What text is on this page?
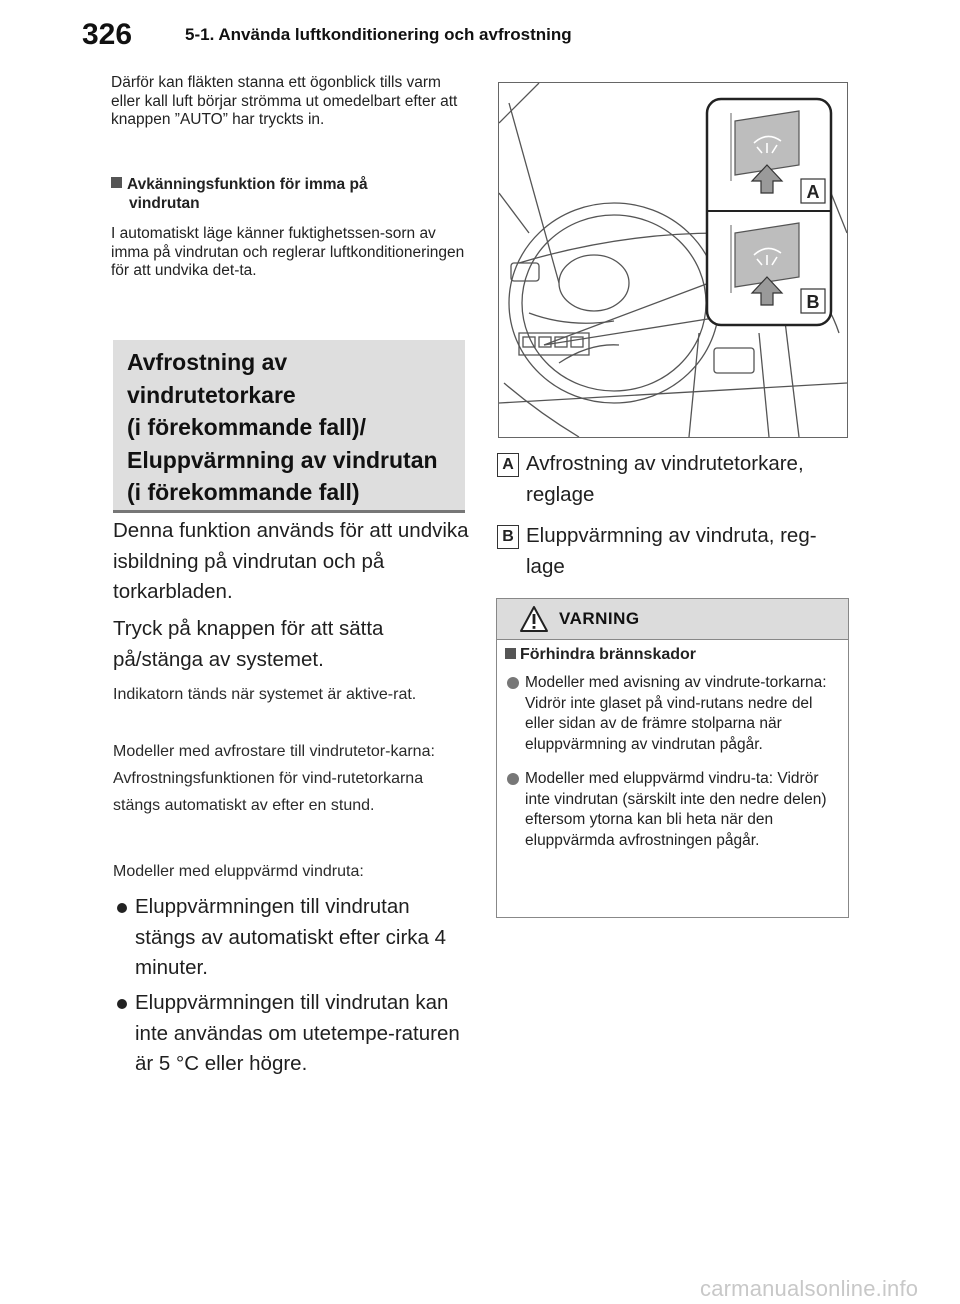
326	5-1. Använda luftkonditionering och avfrostning
Därför kan fläkten stanna ett ögonblick tills varm eller kall luft börjar strömma ut omedelbart efter att knappen ”AUTO” har tryckts in.
Avkänningsfunktion för imma på
vindrutan
I automatiskt läge känner fuktighetssen-sorn av imma på vindrutan och reglerar luftkonditioneringen för att undvika det-ta.
Avfrostning av
vindrutetorkare
(i förekommande fall)/
Eluppvärmning av vindrutan
(i förekommande fall)
Denna funktion används för att undvika isbildning på vindrutan och på torkarbladen.
Tryck på knappen för att sätta på/stänga av systemet.
Indikatorn tänds när systemet är aktive-rat.
Modeller med avfrostare till vindrutetor-karna: Avfrostningsfunktionen för vind-rutetorkarna stängs automatiskt av efter en stund.
Modeller med eluppvärmd vindruta:
Eluppvärmningen till vindrutan stängs av automatiskt efter cirka 4 minuter.
Eluppvärmningen till vindrutan kan inte användas om utetempe-raturen är 5 °C eller högre.
A
B
A Avfrostning av vindrutetorkare,
reglage
B Eluppvärmning av vindruta, reg-
lage
VARNING
Förhindra brännskador
Modeller med avisning av vindrute-torkarna: Vidrör inte glaset på vind-rutans nedre del eller sidan av de främre stolparna när eluppvärmning av vindrutan pågår.
Modeller med eluppvärmd vindru-ta: Vidrör inte vindrutan (särskilt inte den nedre delen) eftersom ytorna kan bli heta när den eluppvärmda avfrostningen pågår.
carmanualsonline.info
